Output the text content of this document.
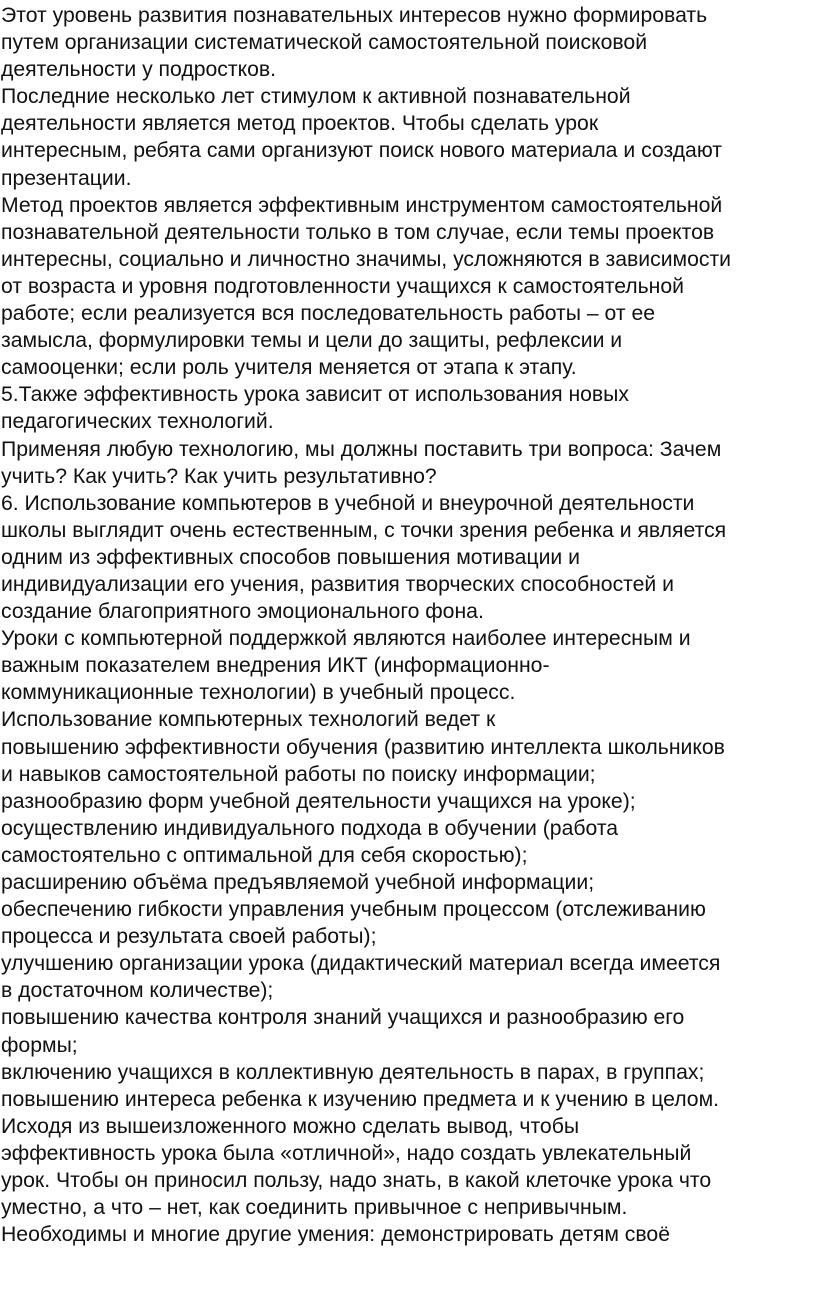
Этот уровень развития познавательных интересов нужно формировать
путем организации систематической самостоятельной поисковой
деятельности у подростков.

Последние несколько лет стимулом к активной познавательной
деятельности является метод проектов. Чтобы сделать урок
интересным, ребята сами организуют поиск нового материала и создают
презентации.

Метод проектов является эффективным инструментом самостоятельной
познавательной деятельности только в том случае, если темы проектов
интересны, социально и личностно значимы, усложняются в зависимости
от возраста и уровня подготовленности учащихся к самостоятельной
работе; если реализуется вся последовательность работы – от ее
замысла, формулировки темы и цели до защиты, рефлексии и
самооценки; если роль учителя меняется от этапа к этапу.

5.Также эффективность урока зависит от использования новых
педагогических технологий.

Применяя любую технологию, мы должны поставить три вопроса: Зачем
учить? Как учить? Как учить результативно?

6. Использование компьютеров в учебной и внеурочной деятельности
школы выглядит очень естественным, с точки зрения ребенка и является
одним из эффективных способов повышения мотивации и
индивидуализации его учения, развития творческих способностей и
создание благоприятного эмоционального фона.

Уроки с компьютерной поддержкой являются наиболее интересным и
важным показателем внедрения ИКТ (информационно-
коммуникационные технологии) в учебный процесс.

Использование компьютерных технологий ведет к
повышению эффективности обучения (развитию интеллекта школьников
и навыков самостоятельной работы по поиску информации;

разнообразию форм учебной деятельности учащихся на уроке);

осуществлению индивидуального подхода в обучении (работа
самостоятельно с оптимальной для себя скоростью);

расширению объёма предъявляемой учебной информации;

обеспечению гибкости управления учебным процессом (отслеживанию
процесса и результата своей работы);

улучшению организации урока (дидактический материал всегда имеется
в достаточном количестве);

повышению качества контроля знаний учащихся и разнообразию его
формы;

включению учащихся в коллективную деятельность в парах, в группах;

повышению интереса ребенка к изучению предмета и к учению в целом.

Исходя из вышеизложенного можно сделать вывод, чтобы
эффективность урока была «отличной», надо создать увлекательный
урок. Чтобы он приносил пользу, надо знать, в какой клеточке урока что
уместно, а что – нет, как соединить привычное с непривычным.

Необходимы и многие другие умения: демонстрировать детям своё
